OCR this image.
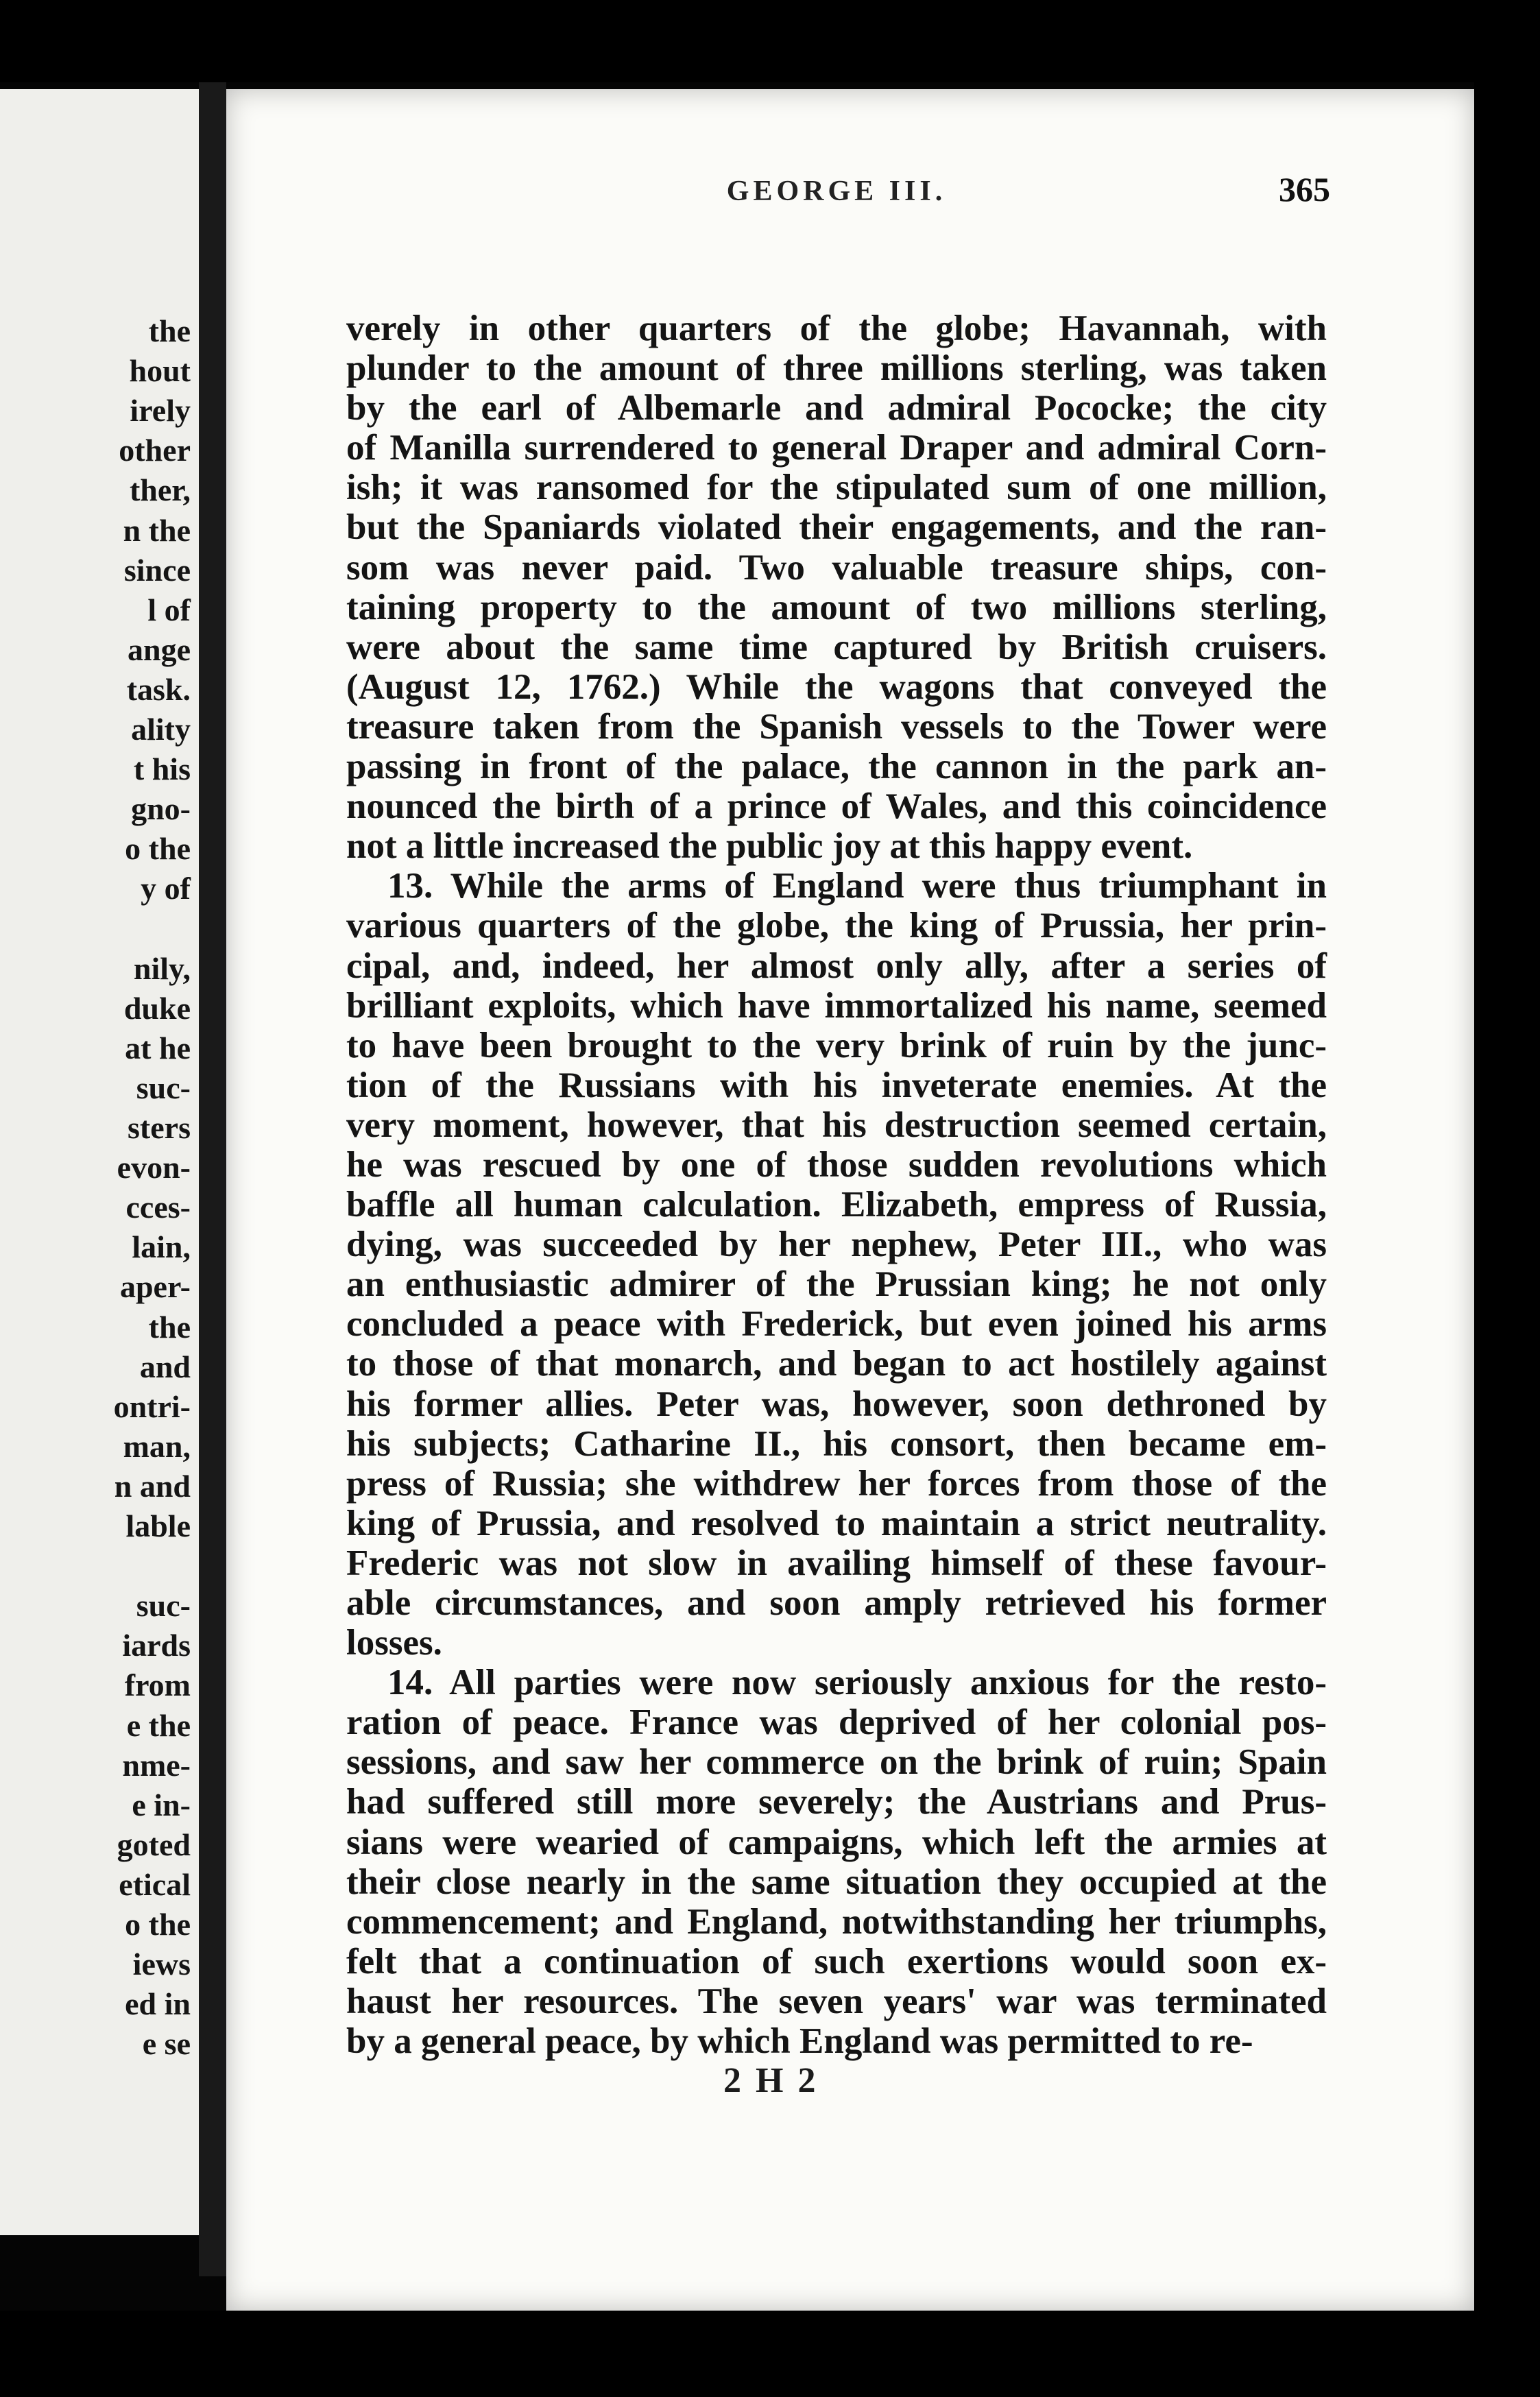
the
hout
irely
other
ther,
n the
since
l of
ange
task.
ality
t his
gno-
o the
y of
nily,
duke
at he
suc-
sters
evon-
cces-
lain,
aper-
the
and
ontri-
man,
n and
lable
suc-
iards
from
e the
nme-
e in-
goted
etical
o the
iews
ed in
e se
GEORGE III.	365
verely in other quarters of the globe; Havannah, with
plunder to the amount of three millions sterling, was taken
by the earl of Albemarle and admiral Pococke; the city
of Manilla surrendered to general Draper and admiral Corn-
ish; it was ransomed for the stipulated sum of one million,
but the Spaniards violated their engagements, and the ran-
som was never paid. Two valuable treasure ships, con-
taining property to the amount of two millions sterling,
were about the same time captured by British cruisers.
(August 12, 1762.) While the wagons that conveyed the
treasure taken from the Spanish vessels to the Tower were
passing in front of the palace, the cannon in the park an-
nounced the birth of a prince of Wales, and this coincidence
not a little increased the public joy at this happy event.
13. While the arms of England were thus triumphant in
various quarters of the globe, the king of Prussia, her prin-
cipal, and, indeed, her almost only ally, after a series of
brilliant exploits, which have immortalized his name, seemed
to have been brought to the very brink of ruin by the junc-
tion of the Russians with his inveterate enemies. At the
very moment, however, that his destruction seemed certain,
he was rescued by one of those sudden revolutions which
baffle all human calculation. Elizabeth, empress of Russia,
dying, was succeeded by her nephew, Peter III., who was
an enthusiastic admirer of the Prussian king; he not only
concluded a peace with Frederick, but even joined his arms
to those of that monarch, and began to act hostilely against
his former allies. Peter was, however, soon dethroned by
his subjects; Catharine II., his consort, then became em-
press of Russia; she withdrew her forces from those of the
king of Prussia, and resolved to maintain a strict neutrality.
Frederic was not slow in availing himself of these favour-
able circumstances, and soon amply retrieved his former
losses.
14. All parties were now seriously anxious for the resto-
ration of peace. France was deprived of her colonial pos-
sessions, and saw her commerce on the brink of ruin; Spain
had suffered still more severely; the Austrians and Prus-
sians were wearied of campaigns, which left the armies at
their close nearly in the same situation they occupied at the
commencement; and England, notwithstanding her triumphs,
felt that a continuation of such exertions would soon ex-
haust her resources. The seven years' war was terminated
by a general peace, by which England was permitted to re-
2 H 2
